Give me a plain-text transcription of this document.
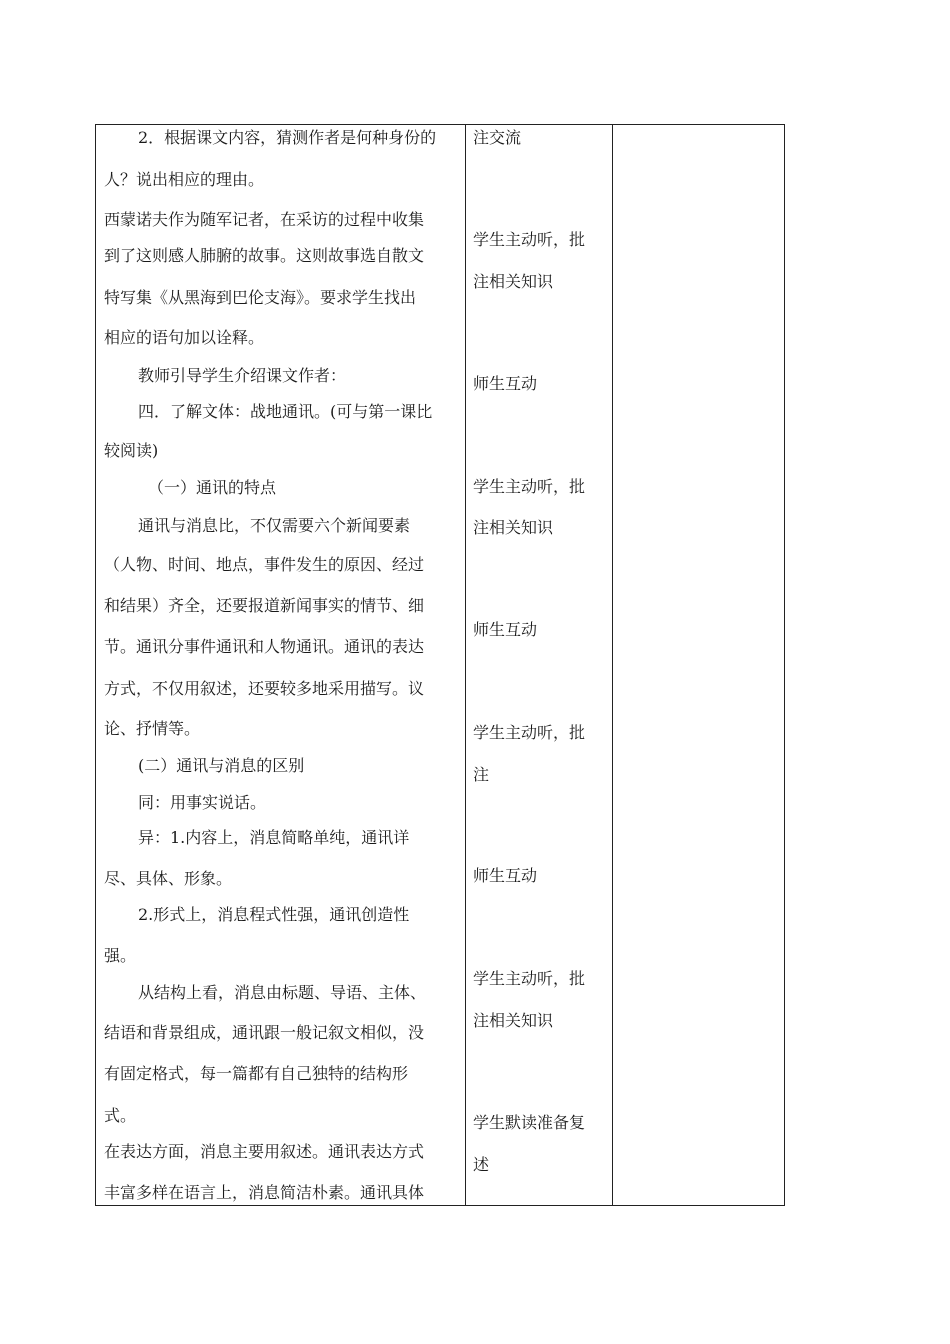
2．根据课文内容，猜测作者是何种身份的
人？说出相应的理由。
西蒙诺夫作为随军记者，在采访的过程中收集
到了这则感人肺腑的故事。这则故事选自散文
特写集《从黑海到巴伦支海》。要求学生找出
相应的语句加以诠释。
教师引导学生介绍课文作者：
四．了解文体：战地通讯。(可与第一课比
较阅读)
（一）通讯的特点
通讯与消息比，不仅需要六个新闻要素
（人物、时间、地点，事件发生的原因、经过
和结果）齐全，还要报道新闻事实的情节、细
节。通讯分事件通讯和人物通讯。通讯的表达
方式，不仅用叙述，还要较多地采用描写。议
论、抒情等。
(二）通讯与消息的区别
同：用事实说话。
异：1.内容上，消息简略单纯，通讯详
尽、具体、形象。
2.形式上，消息程式性强，通讯创造性
强。
从结构上看，消息由标题、导语、主体、
结语和背景组成，通讯跟一般记叙文相似，没
有固定格式，每一篇都有自己独特的结构形
式。
在表达方面，消息主要用叙述。通讯表达方式
丰富多样在语言上，消息简洁朴素。通讯具体
注交流
学生主动听，批
注相关知识
师生互动
学生主动听，批
注相关知识
师生互动
学生主动听，批
注
师生互动
学生主动听，批
注相关知识
学生默读准备复
述
